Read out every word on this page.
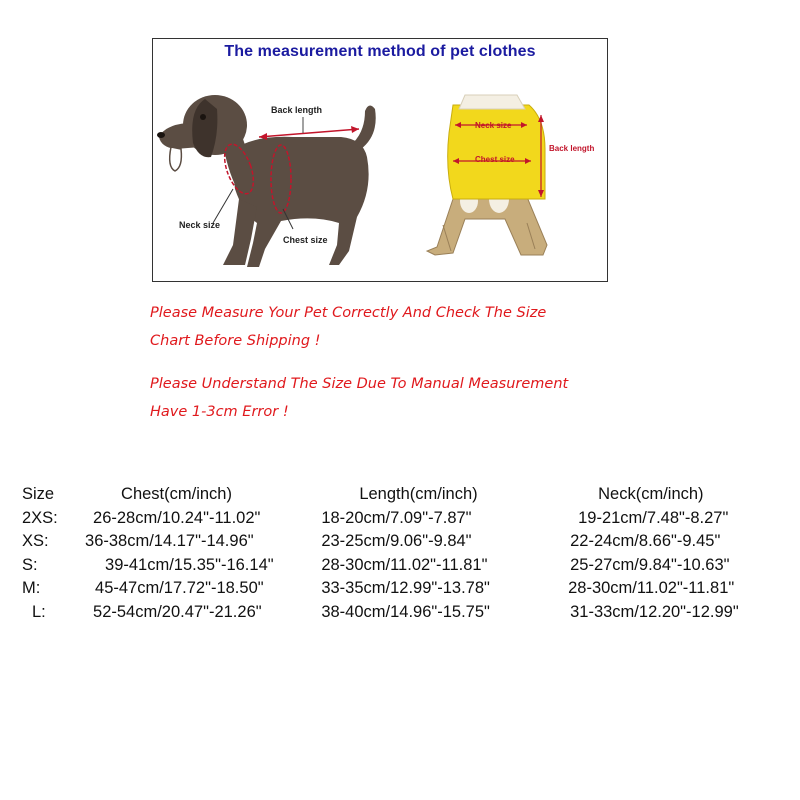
The measurement method of pet clothes
Back length
Neck size
Chest size
Neck size
Chest size
Back length
Please Measure Your Pet Correctly And Check The Size
Chart Before Shipping !
Please Understand The Size Due To Manual Measurement
Have 1-3cm Error !
Size	Chest(cm/inch)	Length(cm/inch)	Neck(cm/inch)
2XS:	26-28cm/10.24"-11.02"	18-20cm/7.09"-7.87"	19-21cm/7.48"-8.27"
XS:	36-38cm/14.17"-14.96"	23-25cm/9.06"-9.84"	22-24cm/8.66"-9.45"
S:	39-41cm/15.35"-16.14"	28-30cm/11.02"-11.81"	25-27cm/9.84"-10.63"
M:	45-47cm/17.72"-18.50"	33-35cm/12.99"-13.78"	28-30cm/11.02"-11.81"
L:	52-54cm/20.47"-21.26"	38-40cm/14.96"-15.75"	31-33cm/12.20"-12.99"
